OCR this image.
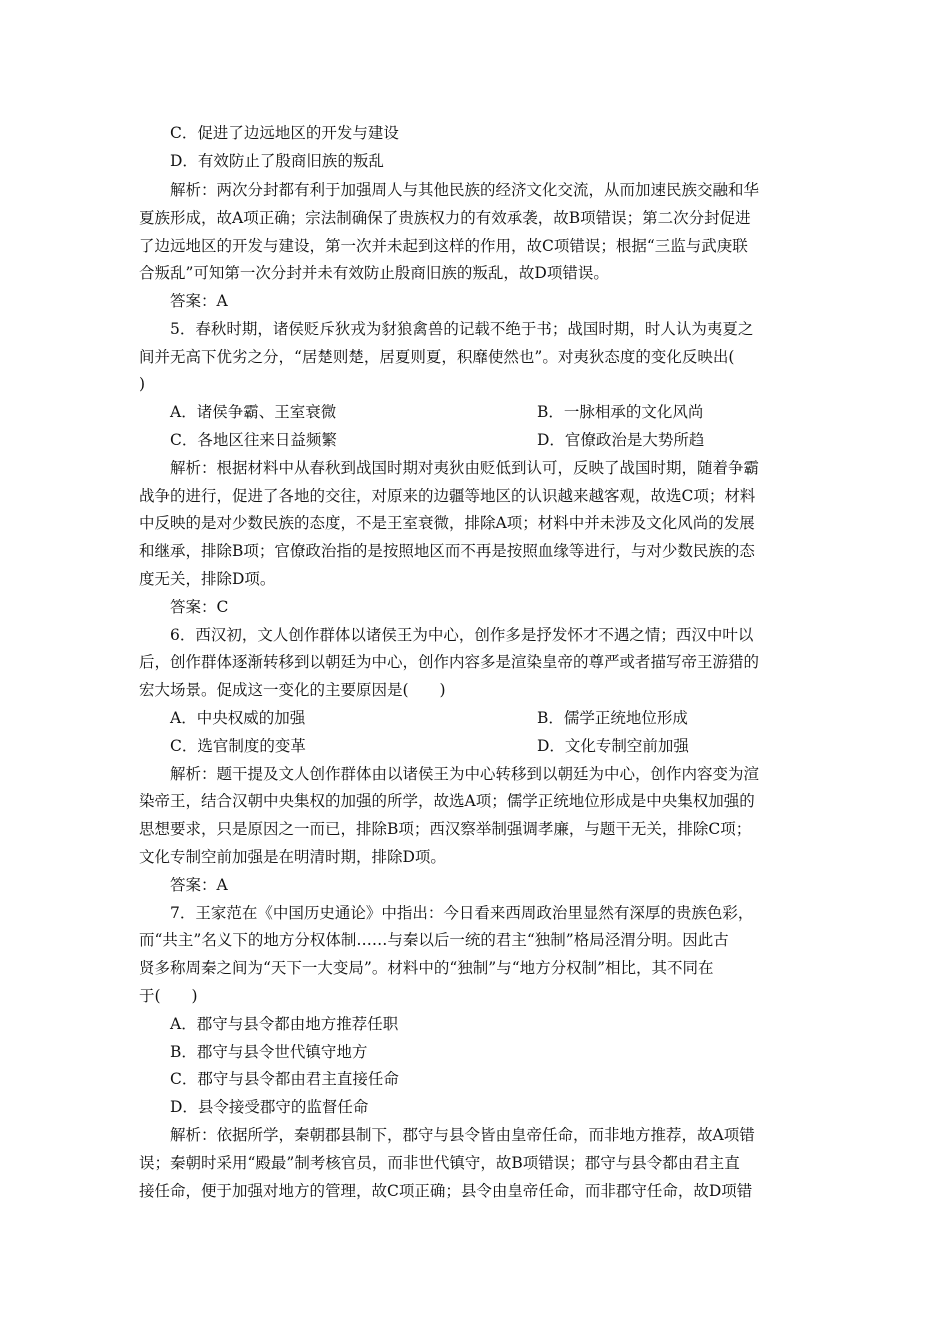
C．促进了边远地区的开发与建设
D．有效防止了殷商旧族的叛乱
解析：两次分封都有利于加强周人与其他民族的经济文化交流，从而加速民族交融和华
夏族形成，故A项正确；宗法制确保了贵族权力的有效承袭，故B项错误；第二次分封促进
了边远地区的开发与建设，第一次并未起到这样的作用，故C项错误；根据“三监与武庚联
合叛乱”可知第一次分封并未有效防止殷商旧族的叛乱，故D项错误。
答案：A
5．春秋时期，诸侯贬斥狄戎为豺狼禽兽的记载不绝于书；战国时期，时人认为夷夏之
间并无高下优劣之分，“居楚则楚，居夏则夏，积靡使然也”。对夷狄态度的变化反映出(
)
A．诸侯争霸、王室衰微	B．一脉相承的文化风尚
C．各地区往来日益频繁	D．官僚政治是大势所趋
解析：根据材料中从春秋到战国时期对夷狄由贬低到认可，反映了战国时期，随着争霸
战争的进行，促进了各地的交往，对原来的边疆等地区的认识越来越客观，故选C项；材料
中反映的是对少数民族的态度，不是王室衰微，排除A项；材料中并未涉及文化风尚的发展
和继承，排除B项；官僚政治指的是按照地区而不再是按照血缘等进行，与对少数民族的态
度无关，排除D项。
答案：C
6．西汉初，文人创作群体以诸侯王为中心，创作多是抒发怀才不遇之情；西汉中叶以
后，创作群体逐渐转移到以朝廷为中心，创作内容多是渲染皇帝的尊严或者描写帝王游猎的
宏大场景。促成这一变化的主要原因是(　　)
A．中央权威的加强	B．儒学正统地位形成
C．选官制度的变革	D．文化专制空前加强
解析：题干提及文人创作群体由以诸侯王为中心转移到以朝廷为中心，创作内容变为渲
染帝王，结合汉朝中央集权的加强的所学，故选A项；儒学正统地位形成是中央集权加强的
思想要求，只是原因之一而已，排除B项；西汉察举制强调孝廉，与题干无关，排除C项；
文化专制空前加强是在明清时期，排除D项。
答案：A
7．王家范在《中国历史通论》中指出：今日看来西周政治里显然有深厚的贵族色彩，
而“共主”名义下的地方分权体制……与秦以后一统的君主“独制”格局泾渭分明。因此古
贤多称周秦之间为“天下一大变局”。材料中的“独制”与“地方分权制”相比，其不同在
于(　　)
A．郡守与县令都由地方推荐任职
B．郡守与县令世代镇守地方
C．郡守与县令都由君主直接任命
D．县令接受郡守的监督任命
解析：依据所学，秦朝郡县制下，郡守与县令皆由皇帝任命，而非地方推荐，故A项错
误；秦朝时采用“殿最”制考核官员，而非世代镇守，故B项错误；郡守与县令都由君主直
接任命，便于加强对地方的管理，故C项正确；县令由皇帝任命，而非郡守任命，故D项错
